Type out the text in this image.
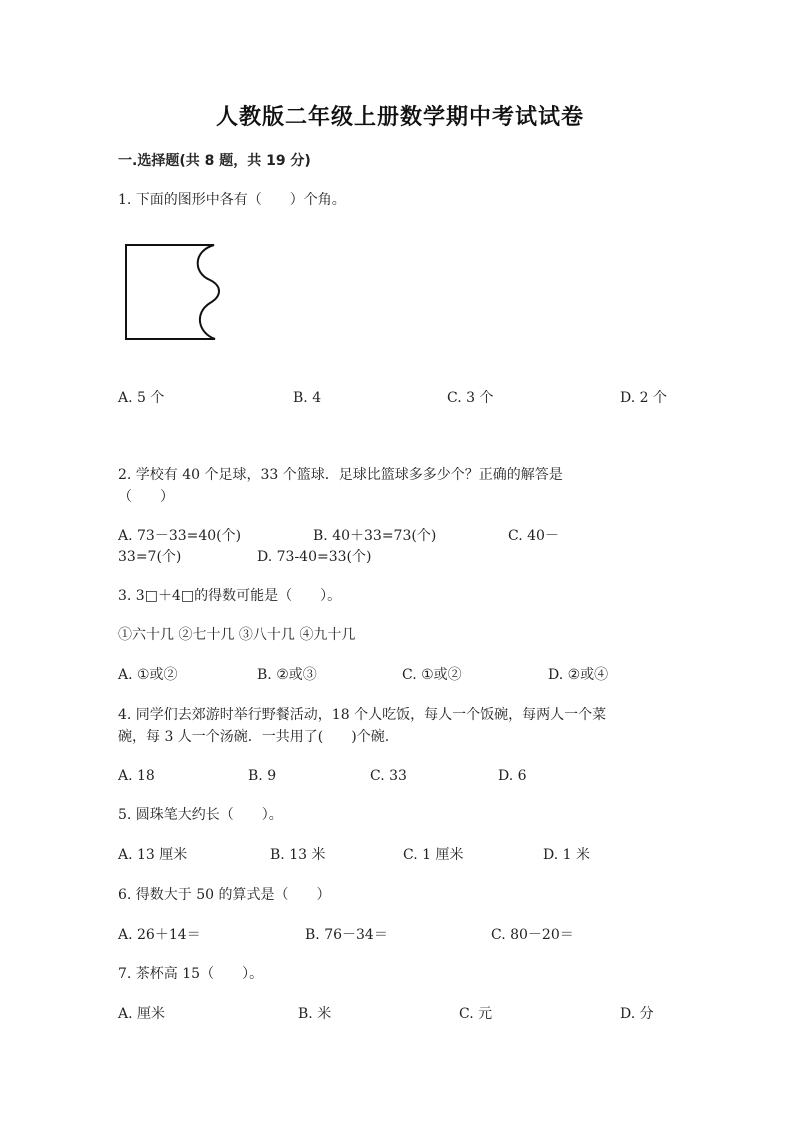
人教版二年级上册数学期中考试试卷
一.选择题(共 8 题，共 19 分)
1. 下面的图形中各有（　　）个角。
A. 5 个	B. 4	C. 3 个	D. 2 个
2. 学校有 40 个足球，33 个篮球．足球比篮球多多少个？正确的解答是
（　　）
A. 73－33=40(个)	B. 40＋33=73(个)	C. 40－
33=7(个)	D. 73-40=33(个)
3. 3□＋4□的得数可能是（　　）。
①六十几 ②七十几 ③八十几 ④九十几
A. ①或②	B. ②或③	C. ①或②	D. ②或④
4. 同学们去郊游时举行野餐活动，18 个人吃饭，每人一个饭碗，每两人一个菜
碗，每 3 人一个汤碗．一共用了(　　)个碗.
A. 18	B. 9	C. 33	D. 6
5. 圆珠笔大约长（　　）。
A. 13 厘米	B. 13 米	C. 1 厘米	D. 1 米
6. 得数大于 50 的算式是（　　）
A. 26＋14＝	B. 76－34＝	C. 80－20＝
7. 茶杯高 15（　　）。
A. 厘米	B. 米	C. 元	D. 分
